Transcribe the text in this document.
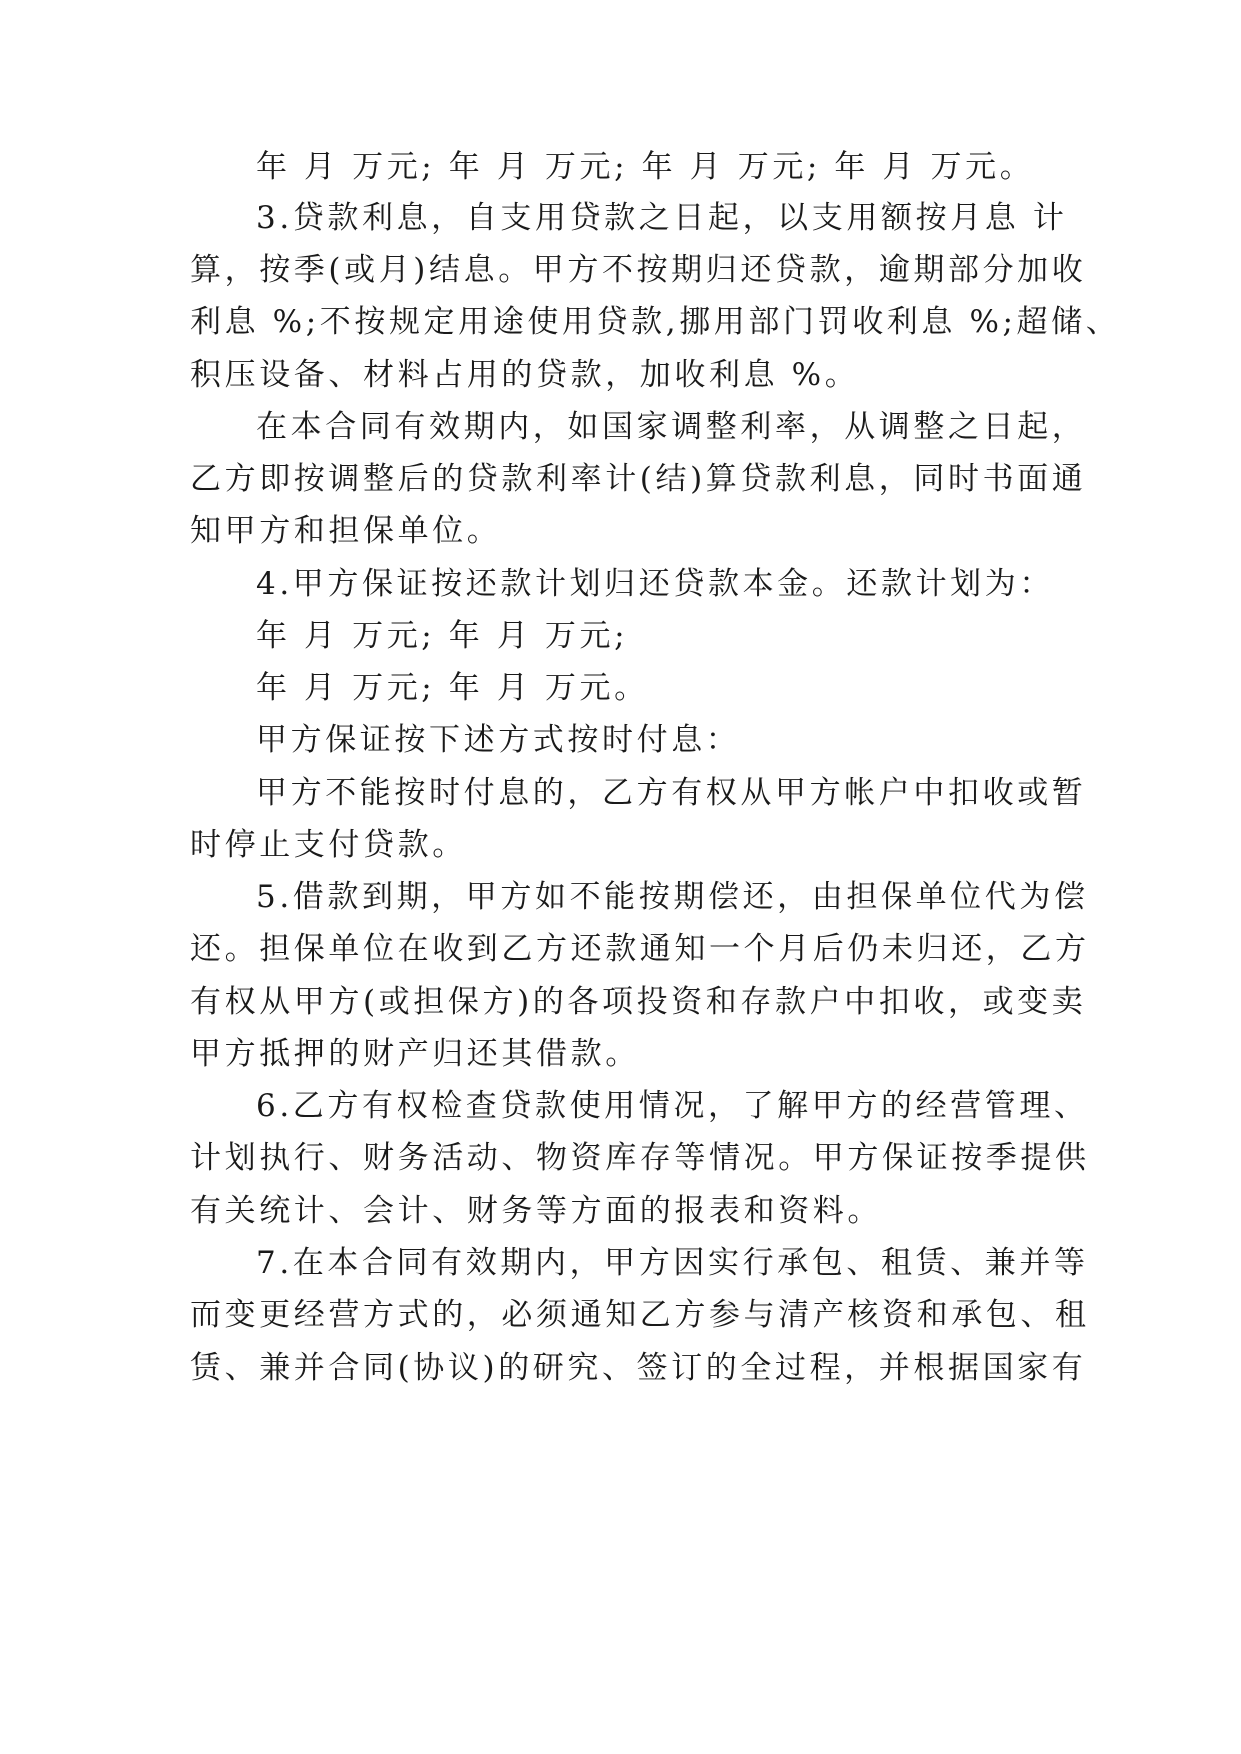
年 月 万元; 年 月 万元; 年 月 万元; 年 月 万元。
3.贷款利息，自支用贷款之日起，以支用额按月息 计
算，按季(或月)结息。甲方不按期归还贷款，逾期部分加收
利息 %;不按规定用途使用贷款,挪用部门罚收利息 %;超储、
积压设备、材料占用的贷款，加收利息 %。
在本合同有效期内，如国家调整利率，从调整之日起，
乙方即按调整后的贷款利率计(结)算贷款利息，同时书面通
知甲方和担保单位。
4.甲方保证按还款计划归还贷款本金。还款计划为：
年 月 万元; 年 月 万元;
年 月 万元; 年 月 万元。
甲方保证按下述方式按时付息：
甲方不能按时付息的，乙方有权从甲方帐户中扣收或暂
时停止支付贷款。
5.借款到期，甲方如不能按期偿还，由担保单位代为偿
还。担保单位在收到乙方还款通知一个月后仍未归还，乙方
有权从甲方(或担保方)的各项投资和存款户中扣收，或变卖
甲方抵押的财产归还其借款。
6.乙方有权检查贷款使用情况，了解甲方的经营管理、
计划执行、财务活动、物资库存等情况。甲方保证按季提供
有关统计、会计、财务等方面的报表和资料。
7.在本合同有效期内，甲方因实行承包、租赁、兼并等
而变更经营方式的，必须通知乙方参与清产核资和承包、租
赁、兼并合同(协议)的研究、签订的全过程，并根据国家有
